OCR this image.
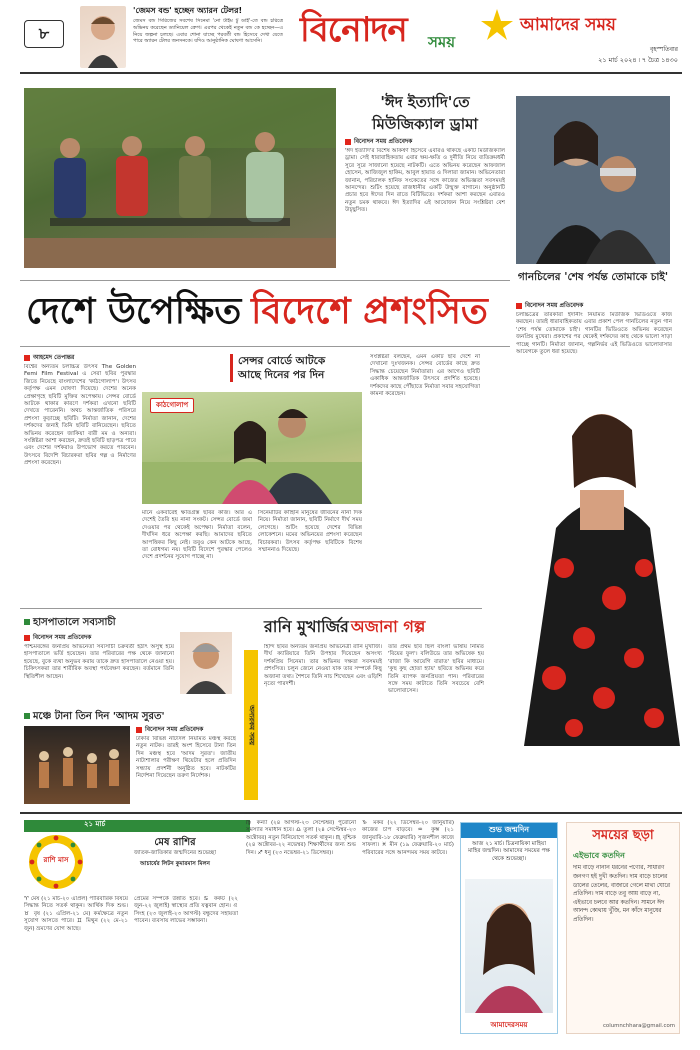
৮
'জেমস বন্ড' হচ্ছেন অ্যারন টেলর!
জেমস বন্ড সিরিজের সবশেষ সিনেমা 'নো টাইম টু ডাই'-তে বন্ড চরিত্রে অভিনয় করেছেন ড্যানিয়েল ক্রেগ। এরপর থেকেই নতুন বন্ড কে হচ্ছেন—এ নিয়ে জল্পনা চলছে। এবার শোনা যাচ্ছে পরবর্তী বন্ড হিসেবে দেখা যেতে পারে অ্যারন টেলর জনসনকে। যদিও আনুষ্ঠানিক ঘোষণা আসেনি।	বিনোদন সময়
আমাদের সময়
বৃহস্পতিবার
২১ মার্চ ২০২৪ ৷ ৭ চৈত্র ১৪৩০
'ঈদ ইত্যাদি'তে
মিউজিক্যাল ড্রামা
বিনোদন সময় প্রতিবেদক
'ঈদ ইত্যাদি'র বিশেষ আকর্ষণ হিসেবে এবারও থাকছে একটি মিউজিক্যাল ড্রামা। সেই ধারাবাহিকতায় এবার ক্ষয়-ক্ষতি ও দুর্নীতি নিয়ে ব্যতিক্রমধর্মী সুরে সুরে সাজানো হয়েছে নাটকটি। এতে অভিনয় করেছেন আফজাল হোসেন, আজিজুল হাকিম, আবুল হায়াত ও দিলারা জামান। অভিনেতারা জানান, পরিচালক হানিফ সংকেতের সঙ্গে কাজের অভিজ্ঞতা সবসময়ই আনন্দের। শুটিং হয়েছে রাজধানীর একটি উন্মুক্ত বাগানে। অনুষ্ঠানটি প্রচার হবে ঈদের দিন রাতে বিটিভিতে। দর্শকরা আশা করছেন এবারও নতুন চমক থাকবে। ঈদ ইত্যাদির এই আয়োজন নিয়ে সংশ্লিষ্টরা বেশ উচ্ছ্বসিত।
গানচিলের 'শেষ পর্যন্ত তোমাকে চাই'
বিনোদন সময় প্রতিবেদক
চলচ্চিত্রের তারকারা ইদানীং নিয়মিত মিউজিক ভিডিওতে কাজ করছেন। তারই ধারাবাহিকতায় এবার প্রকাশ পেল গানচিলের নতুন গান 'শেষ পর্যন্ত তোমাকে চাই'। গানটির ভিডিওতে অভিনয় করেছেন জনপ্রিয় মুখেরা। প্রকাশের পর থেকেই দর্শকদের কাছ থেকে ভালো সাড়া পাচ্ছে গানটি। নির্মাতা জানান, গল্পনির্ভর এই ভিডিওতে ভালোবাসার আবেগকে তুলে ধরা হয়েছে।
দেশে উপেক্ষিত বিদেশে প্রশংসিত
আহমেদ তেপান্তর
বিশ্বের অন্যতম চলচ্চিত্র উৎসব The Golden Femi Film Festival এ সেরা ছবির পুরস্কার জিতে নিয়েছে বাংলাদেশের 'কাঠগোলাপ'। উৎসব কর্তৃপক্ষ এমন ঘোষণা দিয়েছে। দেশের অনেক প্রেক্ষাগৃহে ছবিটি মুক্তির অপেক্ষায়। সেন্সর বোর্ডে আটকে থাকার কারণে দর্শকরা এখনো ছবিটি দেখতে পারেননি। অথচ আন্তর্জাতিক পরিসরে প্রশংসা কুড়াচ্ছে ছবিটি। নির্মাতা জানান, দেশের দর্শকদের জন্যই তিনি ছবিটি বানিয়েছেন। ছবিতে অভিনয় করেছেন জাকিয়া বারী মম ও অন্যরা। সংশ্লিষ্টরা আশা করছেন, দ্রুতই ছবিটি ছাড়পত্র পাবে এবং দেশের দর্শকরাও উপভোগ করতে পারবেন। উৎসবে বিদেশি বিচারকরা ছবির গল্প ও নির্মাণের প্রশংসা করেছেন।
সেন্সর বোর্ডে আটকে
আছে দিনের পর দিন
কাঠগোলাপ
মানে একবারেই ক্ষতিগ্রস্ত ছবির কাজ। আর এ দেশেই তৈরি হয় নানা সংকট। সেন্সর বোর্ডে জমা দেওয়ার পর থেকেই অপেক্ষা। নির্মাতা বলেন, দীর্ঘদিন ধরে অপেক্ষা করছি। আমাদের ছবিতে আপত্তিকর কিছু নেই। তবুও কেন আটকে আছে, তা বোধগম্য নয়। ছবিটি বিদেশে পুরস্কার পেলেও দেশে প্রদর্শনের সুযোগ পাচ্ছে না।
সিনেমাটির কাহিনি মানুষের জীবনের নানা দিক নিয়ে। নির্মাতা জানান, ছবিটি নির্মাণে দীর্ঘ সময় লেগেছে। শুটিং হয়েছে দেশের বিভিন্ন লোকেশনে। মমের অভিনয়ের প্রশংসা করেছেন বিচারকরা। উৎসব কর্তৃপক্ষ ছবিটিকে বিশেষ সম্মাননাও দিয়েছে।
সংশ্লিষ্টরা বলছেন, এমন একটি ছবি দেশে না দেখানো দুঃখজনক। সেন্সর বোর্ডের কাছে দ্রুত সিদ্ধান্ত চেয়েছেন নির্মাতারা। এর আগেও ছবিটি একাধিক আন্তর্জাতিক উৎসবে প্রদর্শিত হয়েছে। দর্শকদের কাছে পৌঁছাতে নির্মাতা সবার সহযোগিতা কামনা করেছেন।
হাসপাতালে সব্যসাচী
বিনোদন সময় প্রতিবেদক
পশ্চিমবঙ্গের জনপ্রিয় অভিনেতা সব্যসাচী চক্রবর্তী হঠাৎ অসুস্থ হয়ে হাসপাতালে ভর্তি হয়েছেন। তার পরিবারের পক্ষ থেকে জানানো হয়েছে, বুকে ব্যথা অনুভব করায় তাকে দ্রুত হাসপাতালে নেওয়া হয়। চিকিৎসকরা তার শারীরিক অবস্থা পর্যবেক্ষণ করছেন। বর্তমানে তিনি স্থিতিশীল আছেন।
মঞ্চে টানা তিন দিন 'আদম সুরত'
বিনোদন সময় প্রতিবেদক
ঢাকার বিভিন্ন নাট্যদল নিয়মিত মঞ্চস্থ করছে নতুন নাটক। তারই অংশ হিসেবে টানা তিন দিন মঞ্চস্থ হবে 'আদম সুরত'। জাতীয় নাট্যশালার পরীক্ষণ থিয়েটার হলে প্রতিদিন সন্ধ্যায় প্রদর্শনী অনুষ্ঠিত হবে। নাটকটির নির্দেশনা দিয়েছেন তরুণ নির্দেশক।
অন্যরকম সময়
রানি মুখার্জির অজানা গল্প
হিন্দি ছবির অন্যতম জনপ্রিয় অভিনেত্রী রানি মুখার্জি। দীর্ঘ ক্যারিয়ারে তিনি উপহার দিয়েছেন অসংখ্য দর্শকপ্রিয় সিনেমা। তার অভিনয় দক্ষতা সবসময়ই প্রশংসিত। চলুন জেনে নেওয়া যাক তার সম্পর্কে কিছু অজানা তথ্য। শৈশবে তিনি নাচ শিখেছেন এবং ওড়িশি নৃত্যে পারদর্শী।
তার প্রথম ছবি ছিল বাংলা ভাষায় নির্মিত 'বিয়ের ফুল'। বলিউডে তার অভিষেক হয় 'রাজা কি আয়েগি বারাত' ছবির মাধ্যমে। 'কুছ কুছ হোতা হ্যায়' ছবিতে অভিনয় করে তিনি ব্যাপক জনপ্রিয়তা পান। পরিবারের সঙ্গে সময় কাটাতে তিনি সবচেয়ে বেশি ভালোবাসেন।
২১ মার্চ
রাশি মাস
মেষ রাশির
জাতক-জাতিকার জন্মদিনের শুভেচ্ছা
আচার্যের লিটন কুমারমাস মিলন
♈ মেষ (২১ মার্চ-২০ এপ্রিল) পারিবারিক বিষয়ে সিদ্ধান্ত নিতে সতর্ক থাকুন। আর্থিক দিক শুভ। ♉ বৃষ (২১ এপ্রিল-২১ মে) কর্মক্ষেত্রে নতুন সুযোগ আসতে পারে। ♊ মিথুন (২২ মে-২১ জুন) ভ্রমণের যোগ আছে।
প্রেমের সম্পর্কে উন্নতি হবে। ♋ কর্কট (২২ জুন-২২ জুলাই) স্বাস্থ্যের প্রতি যত্নবান হোন। ♌ সিংহ (২৩ জুলাই-২৩ আগস্ট) বন্ধুদের সহায়তা পাবেন। ব্যবসায় লাভের সম্ভাবনা।
♍ কন্যা (২৪ আগস্ট-২৩ সেপ্টেম্বর) পুরোনো সমস্যার সমাধান হবে। ♎ তুলা (২৪ সেপ্টেম্বর-২৩ অক্টোবর) নতুন বিনিয়োগে সতর্ক থাকুন। ♏ বৃশ্চিক (২৪ অক্টোবর-২২ নভেম্বর) শিক্ষার্থীদের জন্য শুভ দিন। ♐ ধনু (২৩ নভেম্বর-২১ ডিসেম্বর)।
♑ মকর (২২ ডিসেম্বর-২০ জানুয়ারি) কাজের চাপ বাড়বে। ♒ কুম্ভ (২১ জানুয়ারি-১৮ ফেব্রুয়ারি) সৃজনশীল কাজে সাফল্য। ♓ মীন (১৯ ফেব্রুয়ারি-২০ মার্চ) পরিবারের সঙ্গে আনন্দময় সময় কাটবে।
শুভ জন্মদিন
আজ ২১ মার্চ। চিত্রনায়িকা মাহিয়া মাহির জন্মদিন। আমাদের সময়ের পক্ষ থেকে শুভেচ্ছা।
আমাদেরসময়
সময়ের ছড়া
এইভাবে কতদিন
দাম বাড়ে নানান ধরনের পণ্যের, সাধারণ জনগণ হই দুখী কতদিন। দাম বাড়ে চালের ডালের তেলের, বাজারে গেলে মাথা ঘোরে প্রতিদিন। দাম বাড়ে তবু আয় বাড়ে না, এইভাবে চলবে আর কতদিন। সামনে ঈদ আনন্দ কোথায় খুঁজি, মন কাঁদে মানুষের প্রতিদিন।
columnchhara@gmail.com
